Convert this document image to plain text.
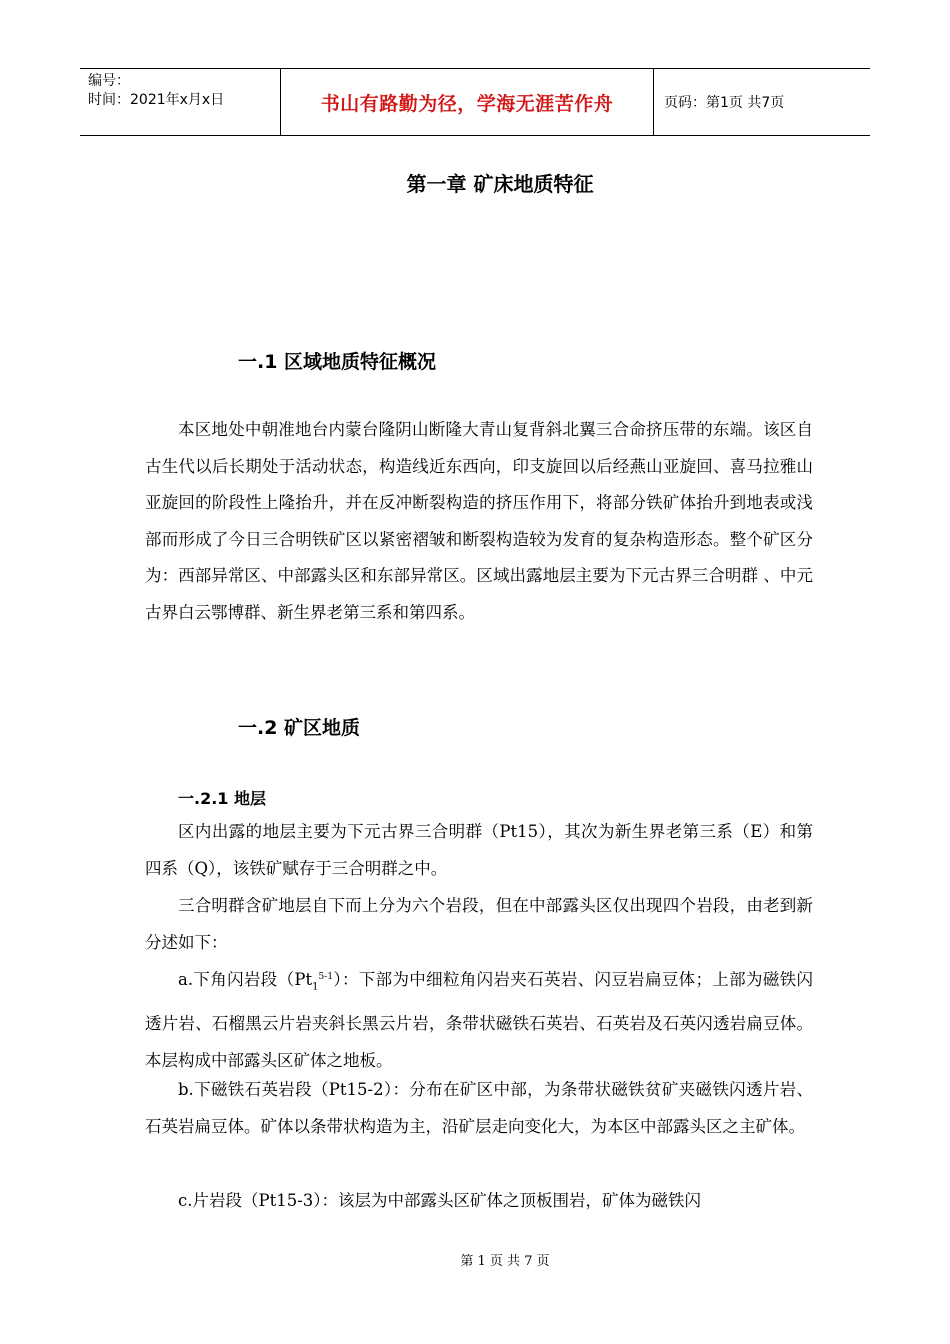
编号：
时间：2021年x月x日	书山有路勤为径，学海无涯苦作舟	页码：第1页 共7页
第一章 矿床地质特征
一.1 区域地质特征概况

本区地处中朝准地台内蒙台隆阴山断隆大青山复背斜北翼三合命挤压带的东端。该区自古生代以后长期处于活动状态，构造线近东西向，印支旋回以后经燕山亚旋回、喜马拉雅山亚旋回的阶段性上隆抬升，并在反冲断裂构造的挤压作用下，将部分铁矿体抬升到地表或浅部而形成了今日三合明铁矿区以紧密褶皱和断裂构造较为发育的复杂构造形态。整个矿区分为：西部异常区、中部露头区和东部异常区。区域出露地层主要为下元古界三合明群 、中元古界白云鄂博群、新生界老第三系和第四系。

一.2 矿区地质
一.2.1 地层

区内出露的地层主要为下元古界三合明群（Pt15），其次为新生界老第三系（E）和第四系（Q），该铁矿赋存于三合明群之中。

三合明群含矿地层自下而上分为六个岩段，但在中部露头区仅出现四个岩段，由老到新分述如下：

a.下角闪岩段$(Pt_1^{5-1})$：下部为中细粒角闪岩夹石英岩、闪豆岩扁豆体；上部为磁铁闪透片岩、石榴黑云片岩夹斜长黑云片岩，条带状磁铁石英岩、石英岩及石英闪透岩扁豆体。本层构成中部露头区矿体之地板。

b.下磁铁石英岩段（Pt15-2）：分布在矿区中部，为条带状磁铁贫矿夹磁铁闪透片岩、石英岩扁豆体。矿体以条带状构造为主，沿矿层走向变化大，为本区中部露头区之主矿体。

c.片岩段（Pt15-3）：该层为中部露头区矿体之顶板围岩，矿体为磁铁闪

第 1 页 共 7 页
